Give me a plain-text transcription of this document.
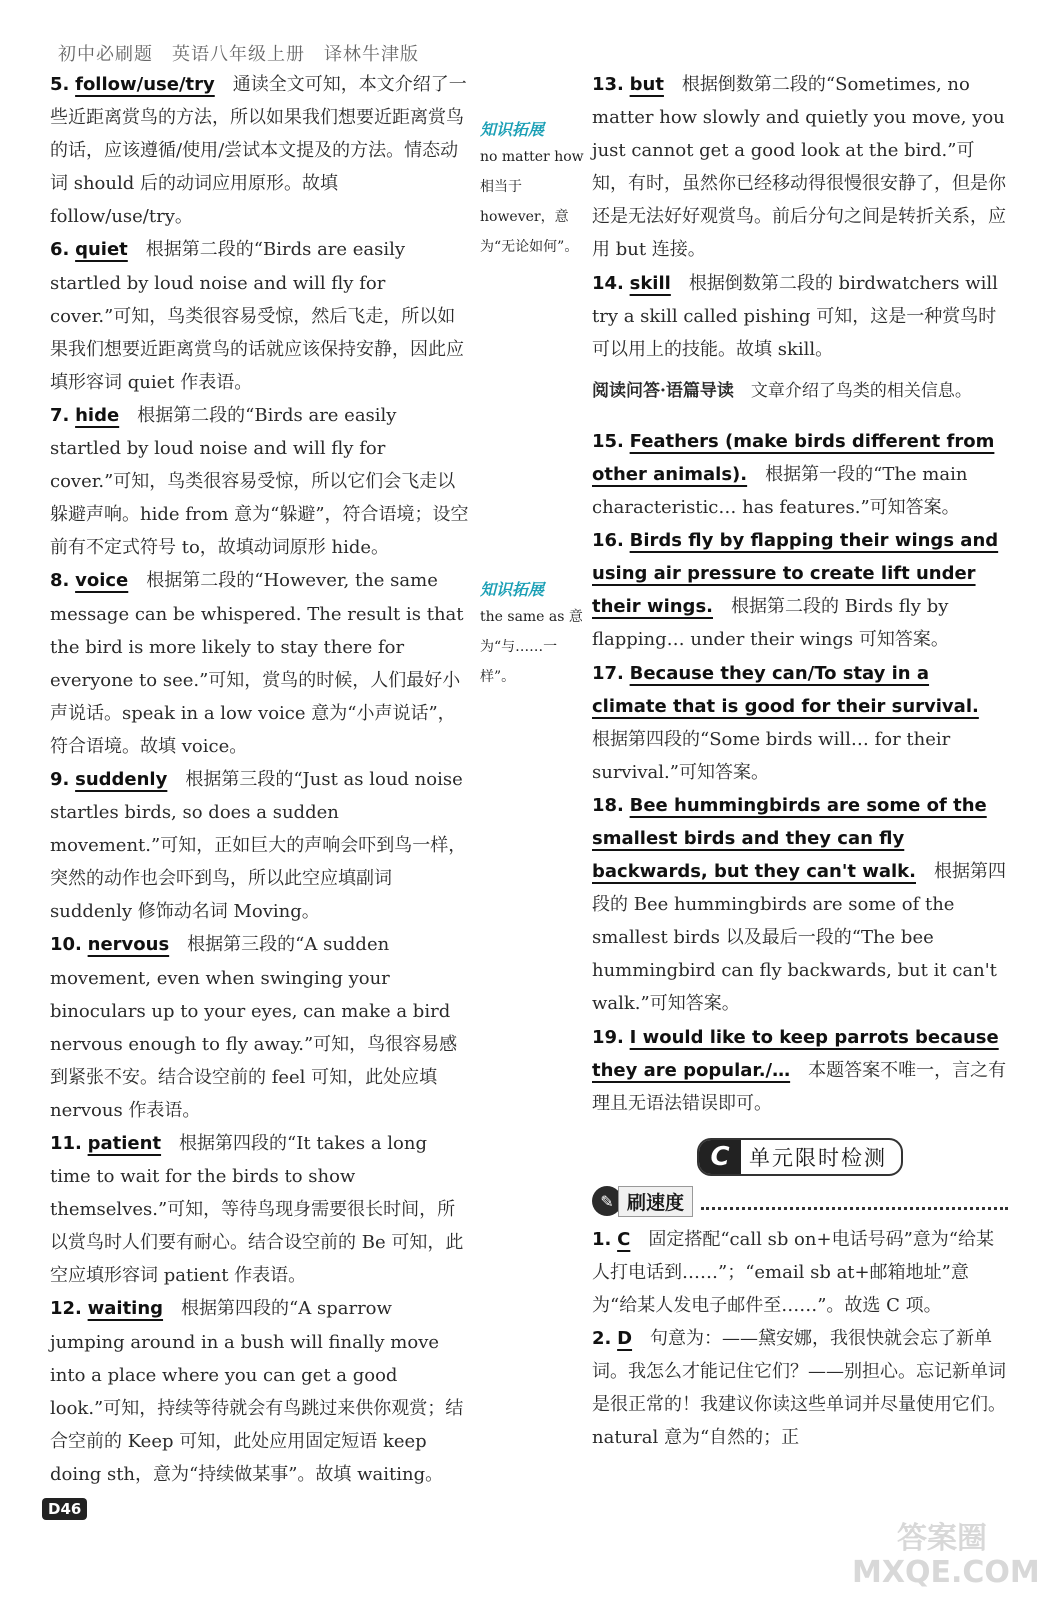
初中必刷题　英语八年级上册　译林牛津版

5. follow/use/try　通读全文可知，本文介绍了一些近距离赏鸟的方法，所以如果我们想要近距离赏鸟的话，应该遵循/使用/尝试本文提及的方法。情态动词 should 后的动词应用原形。故填 follow/use/try。

6. quiet　根据第二段的“Birds are easily startled by loud noise and will fly for cover.”可知，鸟类很容易受惊，然后飞走，所以如果我们想要近距离赏鸟的话就应该保持安静，因此应填形容词 quiet 作表语。

7. hide　根据第二段的“Birds are easily startled by loud noise and will fly for cover.”可知，鸟类很容易受惊，所以它们会飞走以躲避声响。hide from 意为“躲避”，符合语境；设空前有不定式符号 to，故填动词原形 hide。

8. voice　根据第二段的“However, the same message can be whispered. The result is that the bird is more likely to stay there for everyone to see.”可知，赏鸟的时候，人们最好小声说话。speak in a low voice 意为“小声说话”，符合语境。故填 voice。

9. suddenly　根据第三段的“Just as loud noise startles birds, so does a sudden movement.”可知，正如巨大的声响会吓到鸟一样，突然的动作也会吓到鸟，所以此空应填副词 suddenly 修饰动名词 Moving。

10. nervous　根据第三段的“A sudden movement, even when swinging your binoculars up to your eyes, can make a bird nervous enough to fly away.”可知，鸟很容易感到紧张不安。结合设空前的 feel 可知，此处应填 nervous 作表语。

11. patient　根据第四段的“It takes a long time to wait for the birds to show themselves.”可知，等待鸟现身需要很长时间，所以赏鸟时人们要有耐心。结合设空前的 Be 可知，此空应填形容词 patient 作表语。

12. waiting　根据第四段的“A sparrow jumping around in a bush will finally move into a place where you can get a good look.”可知，持续等待就会有鸟跳过来供你观赏；结合空前的 Keep 可知，此处应用固定短语 keep doing sth，意为“持续做某事”。故填 waiting。

知识拓展

no matter how 相当于 however，意为“无论如何”。

知识拓展

the same as 意为“与……一样”。

13. but　根据倒数第二段的“Sometimes, no matter how slowly and quietly you move, you just cannot get a good look at the bird.”可知，有时，虽然你已经移动得很慢很安静了，但是你还是无法好好观赏鸟。前后分句之间是转折关系，应用 but 连接。

14. skill　根据倒数第二段的 birdwatchers will try a skill called pishing 可知，这是一种赏鸟时可以用上的技能。故填 skill。

阅读问答·语篇导读　文章介绍了鸟类的相关信息。

15. Feathers (make birds different from other animals).　根据第一段的“The main characteristic… has features.”可知答案。

16. Birds fly by flapping their wings and using air pressure to create lift under their wings.　根据第二段的 Birds fly by flapping… under their wings 可知答案。

17. Because they can/To stay in a climate that is good for their survival.　根据第四段的“Some birds will… for their survival.”可知答案。

18. Bee hummingbirds are some of the smallest birds and they can fly backwards, but they can't walk.　根据第四段的 Bee hummingbirds are some of the smallest birds 以及最后一段的“The bee hummingbird can fly backwards, but it can't walk.”可知答案。

19. I would like to keep parrots because they are popular./…　本题答案不唯一，言之有理且无语法错误即可。

C 单元限时检测
✎ 刷速度

1. C　固定搭配“call sb on+电话号码”意为“给某人打电话到……”；“email sb at+邮箱地址”意为“给某人发电子邮件至……”。故选 C 项。

2. D　句意为：——黛安娜，我很快就会忘了新单词。我怎么才能记住它们？——别担心。忘记新单词是很正常的！我建议你读这些单词并尽量使用它们。natural 意为“自然的；正

D46
答案圈 MXQE.COM
